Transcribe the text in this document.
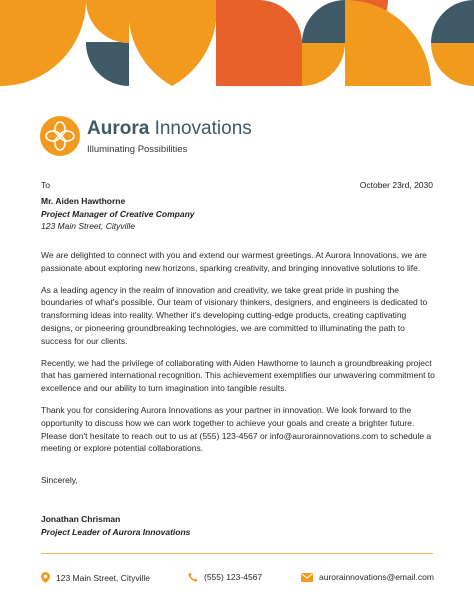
Aurora Innovations
Illuminating Possibilities
To	October 23rd, 2030
Mr. Aiden Hawthorne
Project Manager of Creative Company
123 Main Street, Cityville

We are delighted to connect with you and extend our warmest greetings. At Aurora Innovations, we are passionate about exploring new horizons, sparking creativity, and bringing innovative solutions to life.

As a leading agency in the realm of innovation and creativity, we take great pride in pushing the boundaries of what's possible. Our team of visionary thinkers, designers, and engineers is dedicated to transforming ideas into reality. Whether it's developing cutting-edge products, creating captivating designs, or pioneering groundbreaking technologies, we are committed to illuminating the path to success for our clients.

Recently, we had the privilege of collaborating with Aiden Hawthorne to launch a groundbreaking project that has garnered international recognition. This achievement exemplifies our unwavering commitment to excellence and our ability to turn imagination into tangible results.

Thank you for considering Aurora Innovations as your partner in innovation. We look forward to the opportunity to discuss how we can work together to achieve your goals and create a brighter future. Please don't hesitate to reach out to us at (555) 123-4567 or info@aurorainnovations.com to schedule a meeting or explore potential collaborations.

Sincerely,
Jonathan Chrisman
Project Leader of Aurora Innovations
123 Main Street, Cityville	(555) 123-4567	aurorainnovations@email.com
